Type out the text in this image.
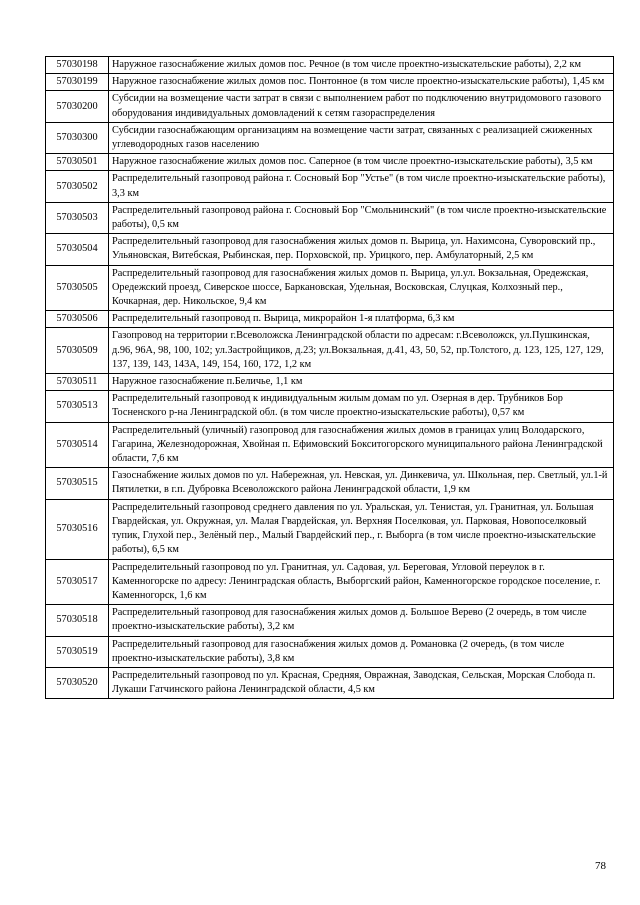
57030198	Наружное газоснабжение жилых домов пос. Речное (в том числе проектно-изыскательские работы), 2,2 км
57030199	Наружное газоснабжение жилых домов пос. Понтонное (в том числе проектно-изыскательские работы), 1,45 км
57030200	Субсидии на возмещение части затрат в связи с выполнением работ по подключению внутридомового газового оборудования индивидуальных домовладений к сетям газораспределения
57030300	Субсидии газоснабжающим организациям на возмещение части затрат, связанных с реализацией сжиженных углеводородных газов населению
57030501	Наружное газоснабжение жилых домов пос. Саперное (в том числе проектно-изыскательские работы), 3,5 км
57030502	Распределительный газопровод района г. Сосновый Бор "Устье" (в том числе проектно-изыскательские работы), 3,3 км
57030503	Распределительный газопровод района г. Сосновый Бор "Смольнинский" (в том числе проектно-изыскательские работы), 0,5 км
57030504	Распределительный газопровод для газоснабжения жилых домов п. Вырица, ул. Нахимсона, Суворовский пр., Ульяновская, Витебская, Рыбинская, пер. Порховской, пр. Урицкого, пер. Амбулаторный, 2,5 км
57030505	Распределительный газопровод для газоснабжения жилых домов п. Вырица, ул.ул. Вокзальная, Оредежская, Оредежский проезд, Сиверское шоссе, Баркановская, Удельная, Восковская, Слуцкая, Колхозный пер., Кочкарная, дер. Никольское, 9,4 км
57030506	Распределительный газопровод п. Вырица, микрорайон 1-я платформа, 6,3 км
57030509	Газопровод на территории г.Всеволожска Ленинградской области по адресам: г.Всеволожск, ул.Пушкинская, д.96, 96А, 98, 100, 102; ул.Застройщиков, д.23; ул.Вокзальная, д.41, 43, 50, 52, пр.Толстого, д. 123, 125, 127, 129, 137, 139, 143, 143А, 149, 154, 160, 172, 1,2 км
57030511	Наружное газоснабжение п.Беличье, 1,1 км
57030513	Распределительный газопровод к индивидуальным жилым домам по ул. Озерная в дер. Трубников Бор Тосненского р-на Ленинградской обл. (в том числе проектно-изыскательские работы), 0,57 км
57030514	Распределительный (уличный) газопровод для газоснабжения жилых домов в границах улиц Володарского, Гагарина, Железнодорожная, Хвойная п. Ефимовский Бокситогорского муниципального района Ленинградской области, 7,6 км
57030515	Газоснабжение жилых домов по ул. Набережная, ул. Невская, ул. Динкевича, ул. Школьная, пер. Светлый, ул.1-й Пятилетки, в г.п. Дубровка Всеволожского района Ленинградской области, 1,9 км
57030516	Распределительный газопровод среднего давления по ул. Уральская, ул. Тенистая, ул. Гранитная, ул. Большая Гвардейская, ул. Окружная, ул. Малая Гвардейская, ул. Верхняя Поселковая, ул. Парковая, Новопоселковый тупик, Глухой пер., Зелёный пер., Малый Гвардейский пер., г. Выборга (в том числе проектно-изыскательские работы), 6,5 км
57030517	Распределительный газопровод по ул. Гранитная, ул. Садовая, ул. Береговая, Угловой переулок в г. Каменногорске по адресу: Ленинградская область, Выборгский район, Каменногорское городское поселение, г. Каменногорск, 1,6 км
57030518	Распределительный газопровод для газоснабжения жилых домов д. Большое Верево (2 очередь, в том числе проектно-изыскательские работы), 3,2 км
57030519	Распределительный газопровод для газоснабжения жилых домов д. Романовка (2 очередь, (в том числе проектно-изыскательские работы), 3,8 км
57030520	Распределительный газопровод по ул. Красная, Средняя, Овражная, Заводская, Сельская, Морская Слобода п. Лукаши Гатчинского района Ленинградской области, 4,5 км
78
